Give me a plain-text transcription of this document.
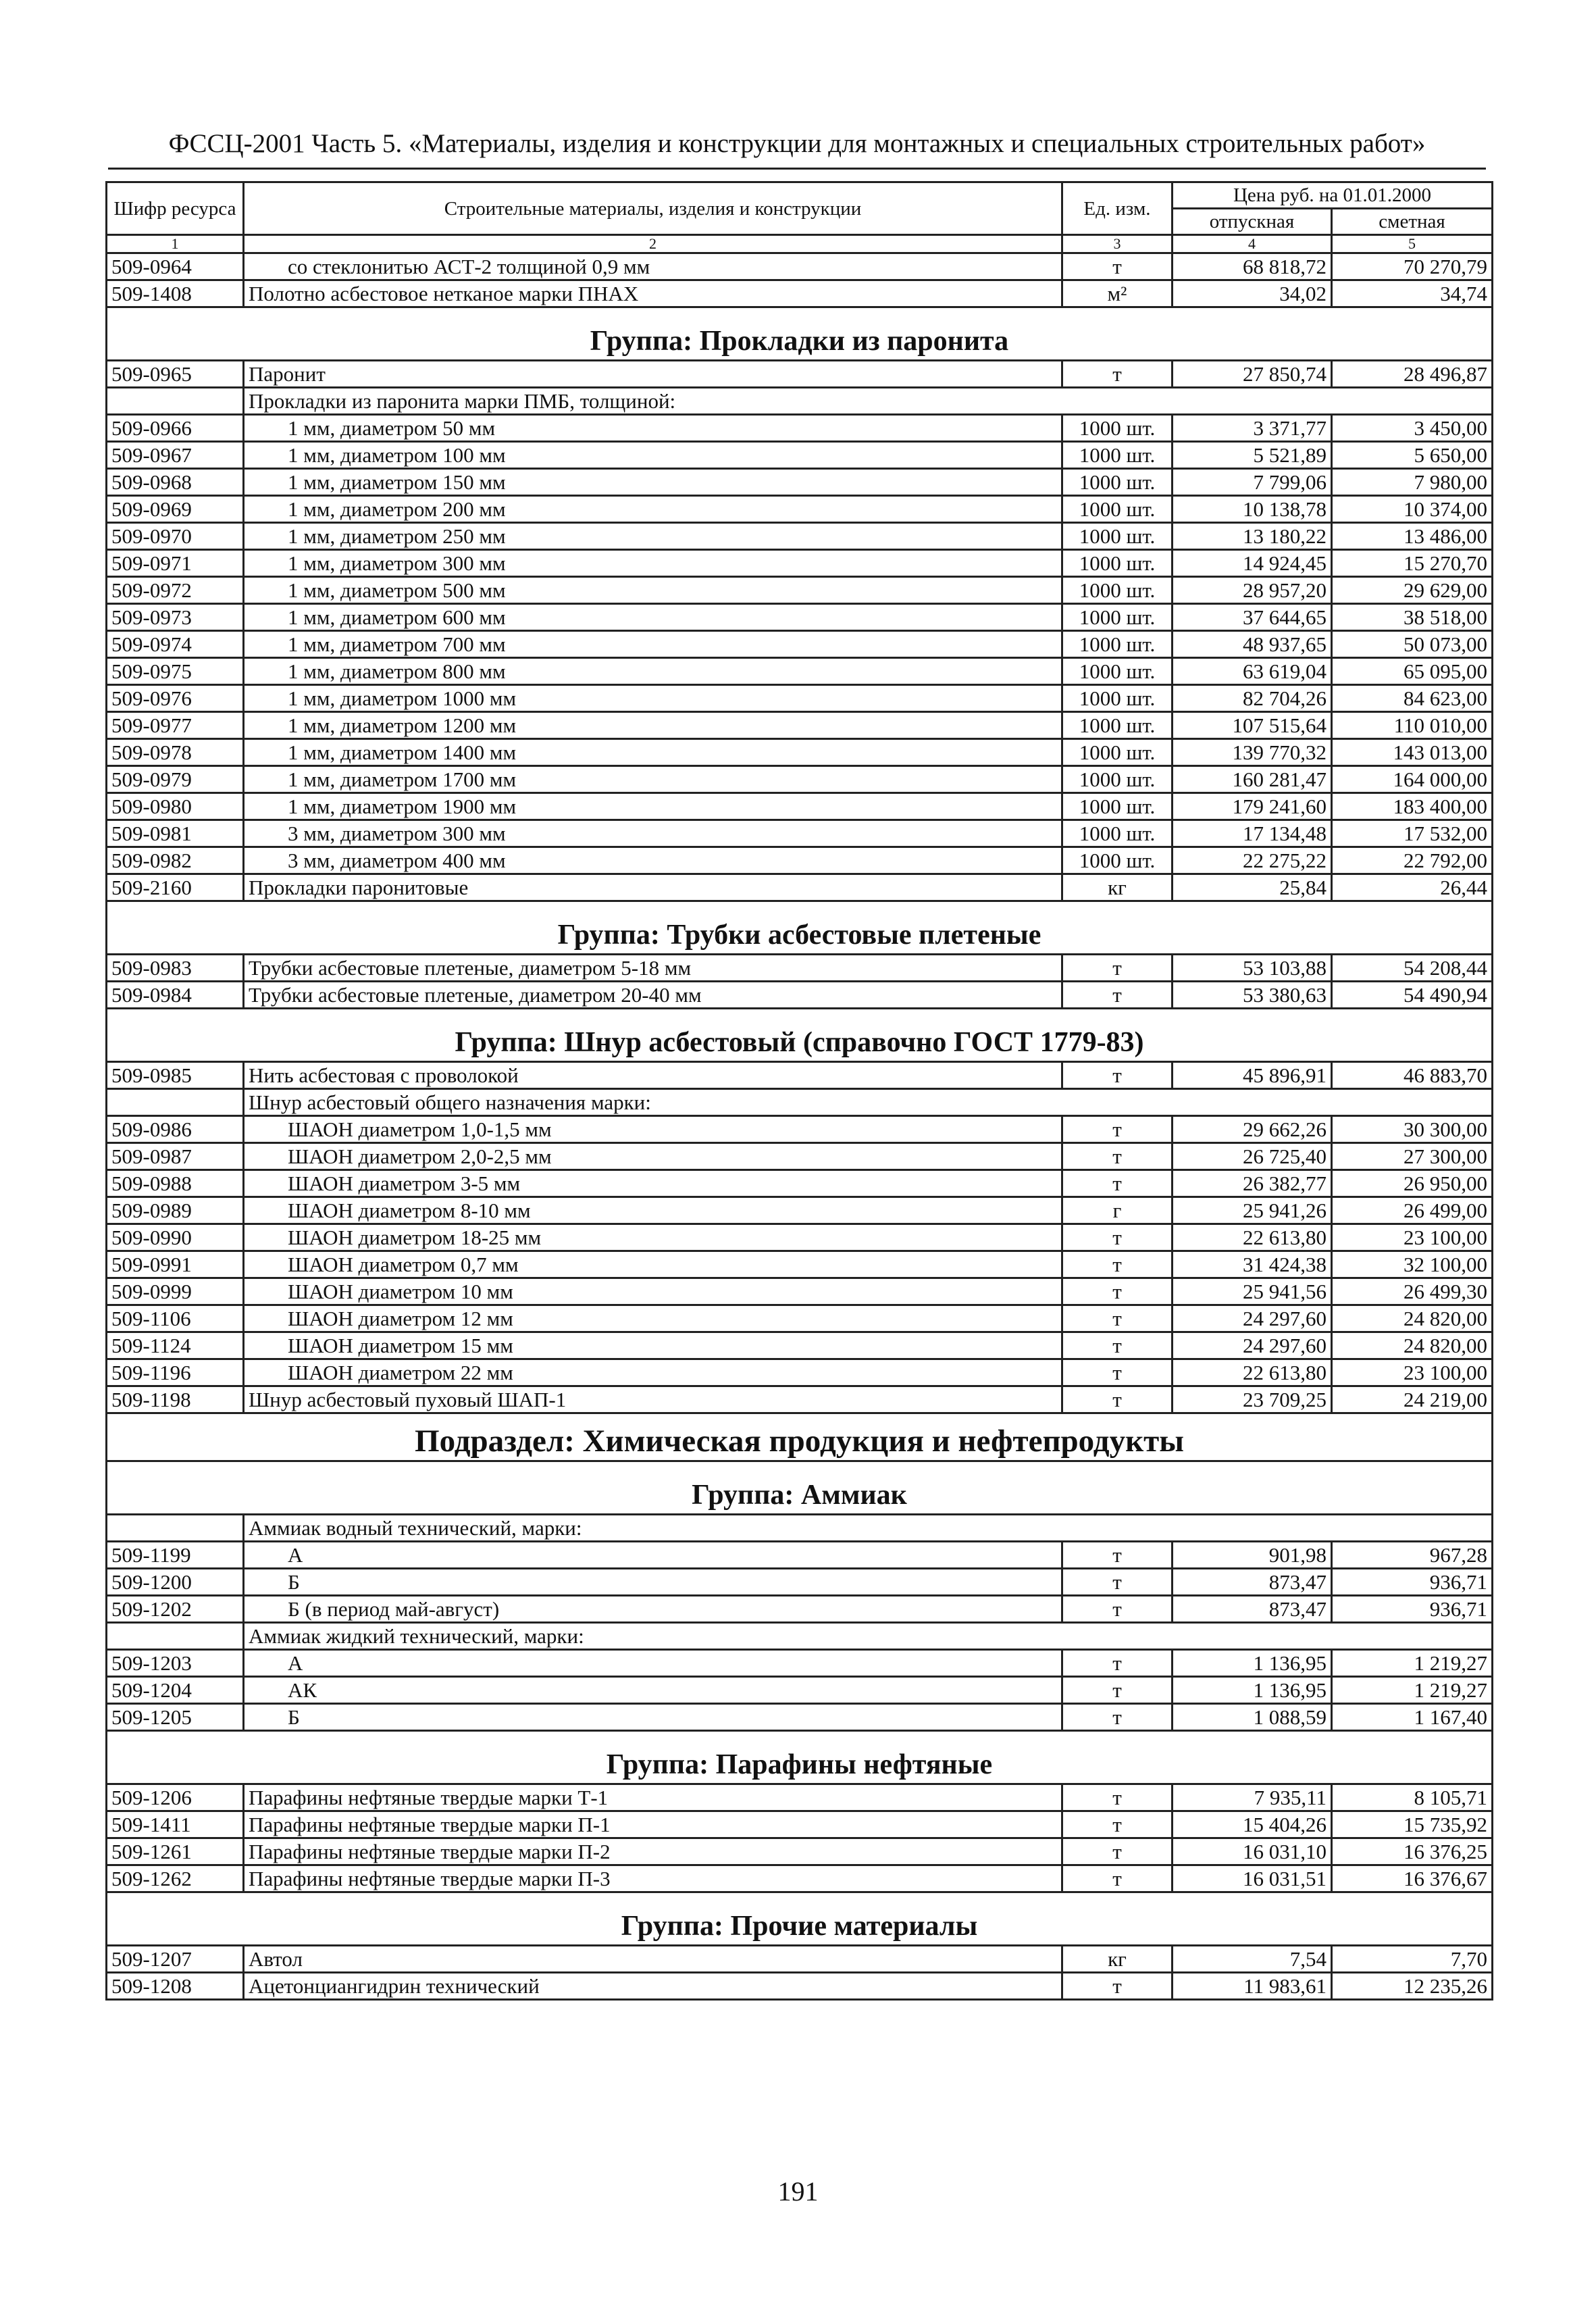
ФССЦ-2001 Часть 5. «Материалы, изделия и конструкции для монтажных и специальных строительных работ»
Шифр ресурса	Строительные материалы, изделия и конструкции	Ед. изм.	Цена руб. на 01.01.2000	
			отпускная	сметная
1	2	3	4	5
509-0964	со стеклонитью АСТ-2 толщиной 0,9 мм	т	68 818,72	70 270,79
509-1408	Полотно асбестовое нетканое марки ПНАХ	м²	34,02	34,74
Группа: Прокладки из паронита				
509-0965	Паронит	т	27 850,74	28 496,87
	Прокладки из паронита марки ПМБ, толщиной:			
509-0966	1 мм, диаметром 50 мм	1000 шт.	3 371,77	3 450,00
509-0967	1 мм, диаметром 100 мм	1000 шт.	5 521,89	5 650,00
509-0968	1 мм, диаметром 150 мм	1000 шт.	7 799,06	7 980,00
509-0969	1 мм, диаметром 200 мм	1000 шт.	10 138,78	10 374,00
509-0970	1 мм, диаметром 250 мм	1000 шт.	13 180,22	13 486,00
509-0971	1 мм, диаметром 300 мм	1000 шт.	14 924,45	15 270,70
509-0972	1 мм, диаметром 500 мм	1000 шт.	28 957,20	29 629,00
509-0973	1 мм, диаметром 600 мм	1000 шт.	37 644,65	38 518,00
509-0974	1 мм, диаметром 700 мм	1000 шт.	48 937,65	50 073,00
509-0975	1 мм, диаметром 800 мм	1000 шт.	63 619,04	65 095,00
509-0976	1 мм, диаметром 1000 мм	1000 шт.	82 704,26	84 623,00
509-0977	1 мм, диаметром 1200 мм	1000 шт.	107 515,64	110 010,00
509-0978	1 мм, диаметром 1400 мм	1000 шт.	139 770,32	143 013,00
509-0979	1 мм, диаметром 1700 мм	1000 шт.	160 281,47	164 000,00
509-0980	1 мм, диаметром 1900 мм	1000 шт.	179 241,60	183 400,00
509-0981	3 мм, диаметром 300 мм	1000 шт.	17 134,48	17 532,00
509-0982	3 мм, диаметром 400 мм	1000 шт.	22 275,22	22 792,00
509-2160	Прокладки паронитовые	кг	25,84	26,44
Группа: Трубки асбестовые плетеные				
509-0983	Трубки асбестовые плетеные, диаметром 5-18 мм	т	53 103,88	54 208,44
509-0984	Трубки асбестовые плетеные, диаметром 20-40 мм	т	53 380,63	54 490,94
Группа: Шнур асбестовый (справочно ГОСТ 1779-83)				
509-0985	Нить асбестовая с проволокой	т	45 896,91	46 883,70
	Шнур асбестовый общего назначения марки:			
509-0986	ШАОН диаметром 1,0-1,5 мм	т	29 662,26	30 300,00
509-0987	ШАОН диаметром 2,0-2,5 мм	т	26 725,40	27 300,00
509-0988	ШАОН диаметром 3-5 мм	т	26 382,77	26 950,00
509-0989	ШАОН диаметром 8-10 мм	г	25 941,26	26 499,00
509-0990	ШАОН диаметром 18-25 мм	т	22 613,80	23 100,00
509-0991	ШАОН диаметром 0,7 мм	т	31 424,38	32 100,00
509-0999	ШАОН диаметром 10 мм	т	25 941,56	26 499,30
509-1106	ШАОН диаметром 12 мм	т	24 297,60	24 820,00
509-1124	ШАОН диаметром 15 мм	т	24 297,60	24 820,00
509-1196	ШАОН диаметром 22 мм	т	22 613,80	23 100,00
509-1198	Шнур асбестовый пуховый ШАП-1	т	23 709,25	24 219,00
Подраздел: Химическая продукция и нефтепродукты				
Группа: Аммиак				
	Аммиак водный технический, марки:			
509-1199	А	т	901,98	967,28
509-1200	Б	т	873,47	936,71
509-1202	Б (в период май-август)	т	873,47	936,71
	Аммиак жидкий технический, марки:			
509-1203	А	т	1 136,95	1 219,27
509-1204	АК	т	1 136,95	1 219,27
509-1205	Б	т	1 088,59	1 167,40
Группа: Парафины нефтяные				
509-1206	Парафины нефтяные твердые марки Т-1	т	7 935,11	8 105,71
509-1411	Парафины нефтяные твердые марки П-1	т	15 404,26	15 735,92
509-1261	Парафины нефтяные твердые марки П-2	т	16 031,10	16 376,25
509-1262	Парафины нефтяные твердые марки П-3	т	16 031,51	16 376,67
Группа: Прочие материалы				
509-1207	Автол	кг	7,54	7,70
509-1208	Ацетонциангидрин технический	т	11 983,61	12 235,26
191
